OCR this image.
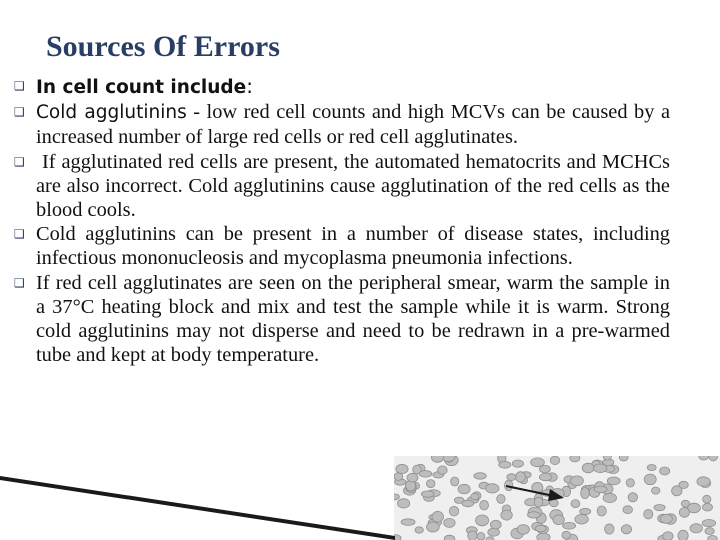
Sources Of Errors
❑ In cell count include:
❑ Cold agglutinins - low red cell counts and high MCVs can be caused by a increased number of large red cells or red cell agglutinates.
❑ If agglutinated red cells are present, the automated hematocrits and MCHCs are also incorrect. Cold agglutinins cause agglutination of the red cells as the blood cools.
❑ Cold agglutinins can be present in a number of disease states, including infectious mononucleosis and mycoplasma pneumonia infections.
❑ If red cell agglutinates are seen on the peripheral smear, warm the sample in a 37°C heating block and mix and test the sample while it is warm. Strong cold agglutinins may not disperse and need to be redrawn in a pre-warmed tube and kept at body temperature.
